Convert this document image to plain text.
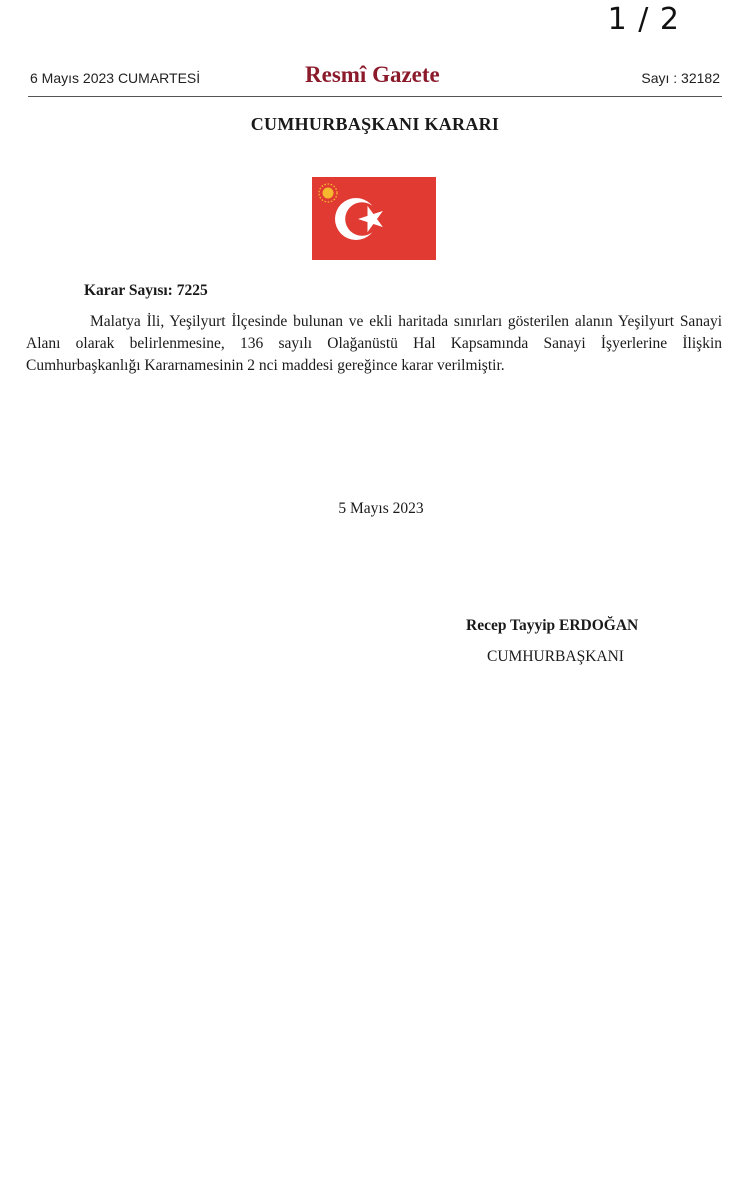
1 / 2
6 Mayıs 2023 CUMARTESİ	Resmî Gazete	Sayı : 32182
CUMHURBAŞKANI KARARI
Karar Sayısı: 7225
Malatya İli, Yeşilyurt İlçesinde bulunan ve ekli haritada sınırları gösterilen alanın Yeşilyurt Sanayi Alanı olarak belirlenmesine, 136 sayılı Olağanüstü Hal Kapsamında Sanayi İşyerlerine İlişkin Cumhurbaşkanlığı Kararnamesinin 2 nci maddesi gereğince karar verilmiştir.
5 Mayıs 2023
Recep Tayyip ERDOĞAN
CUMHURBAŞKANI
